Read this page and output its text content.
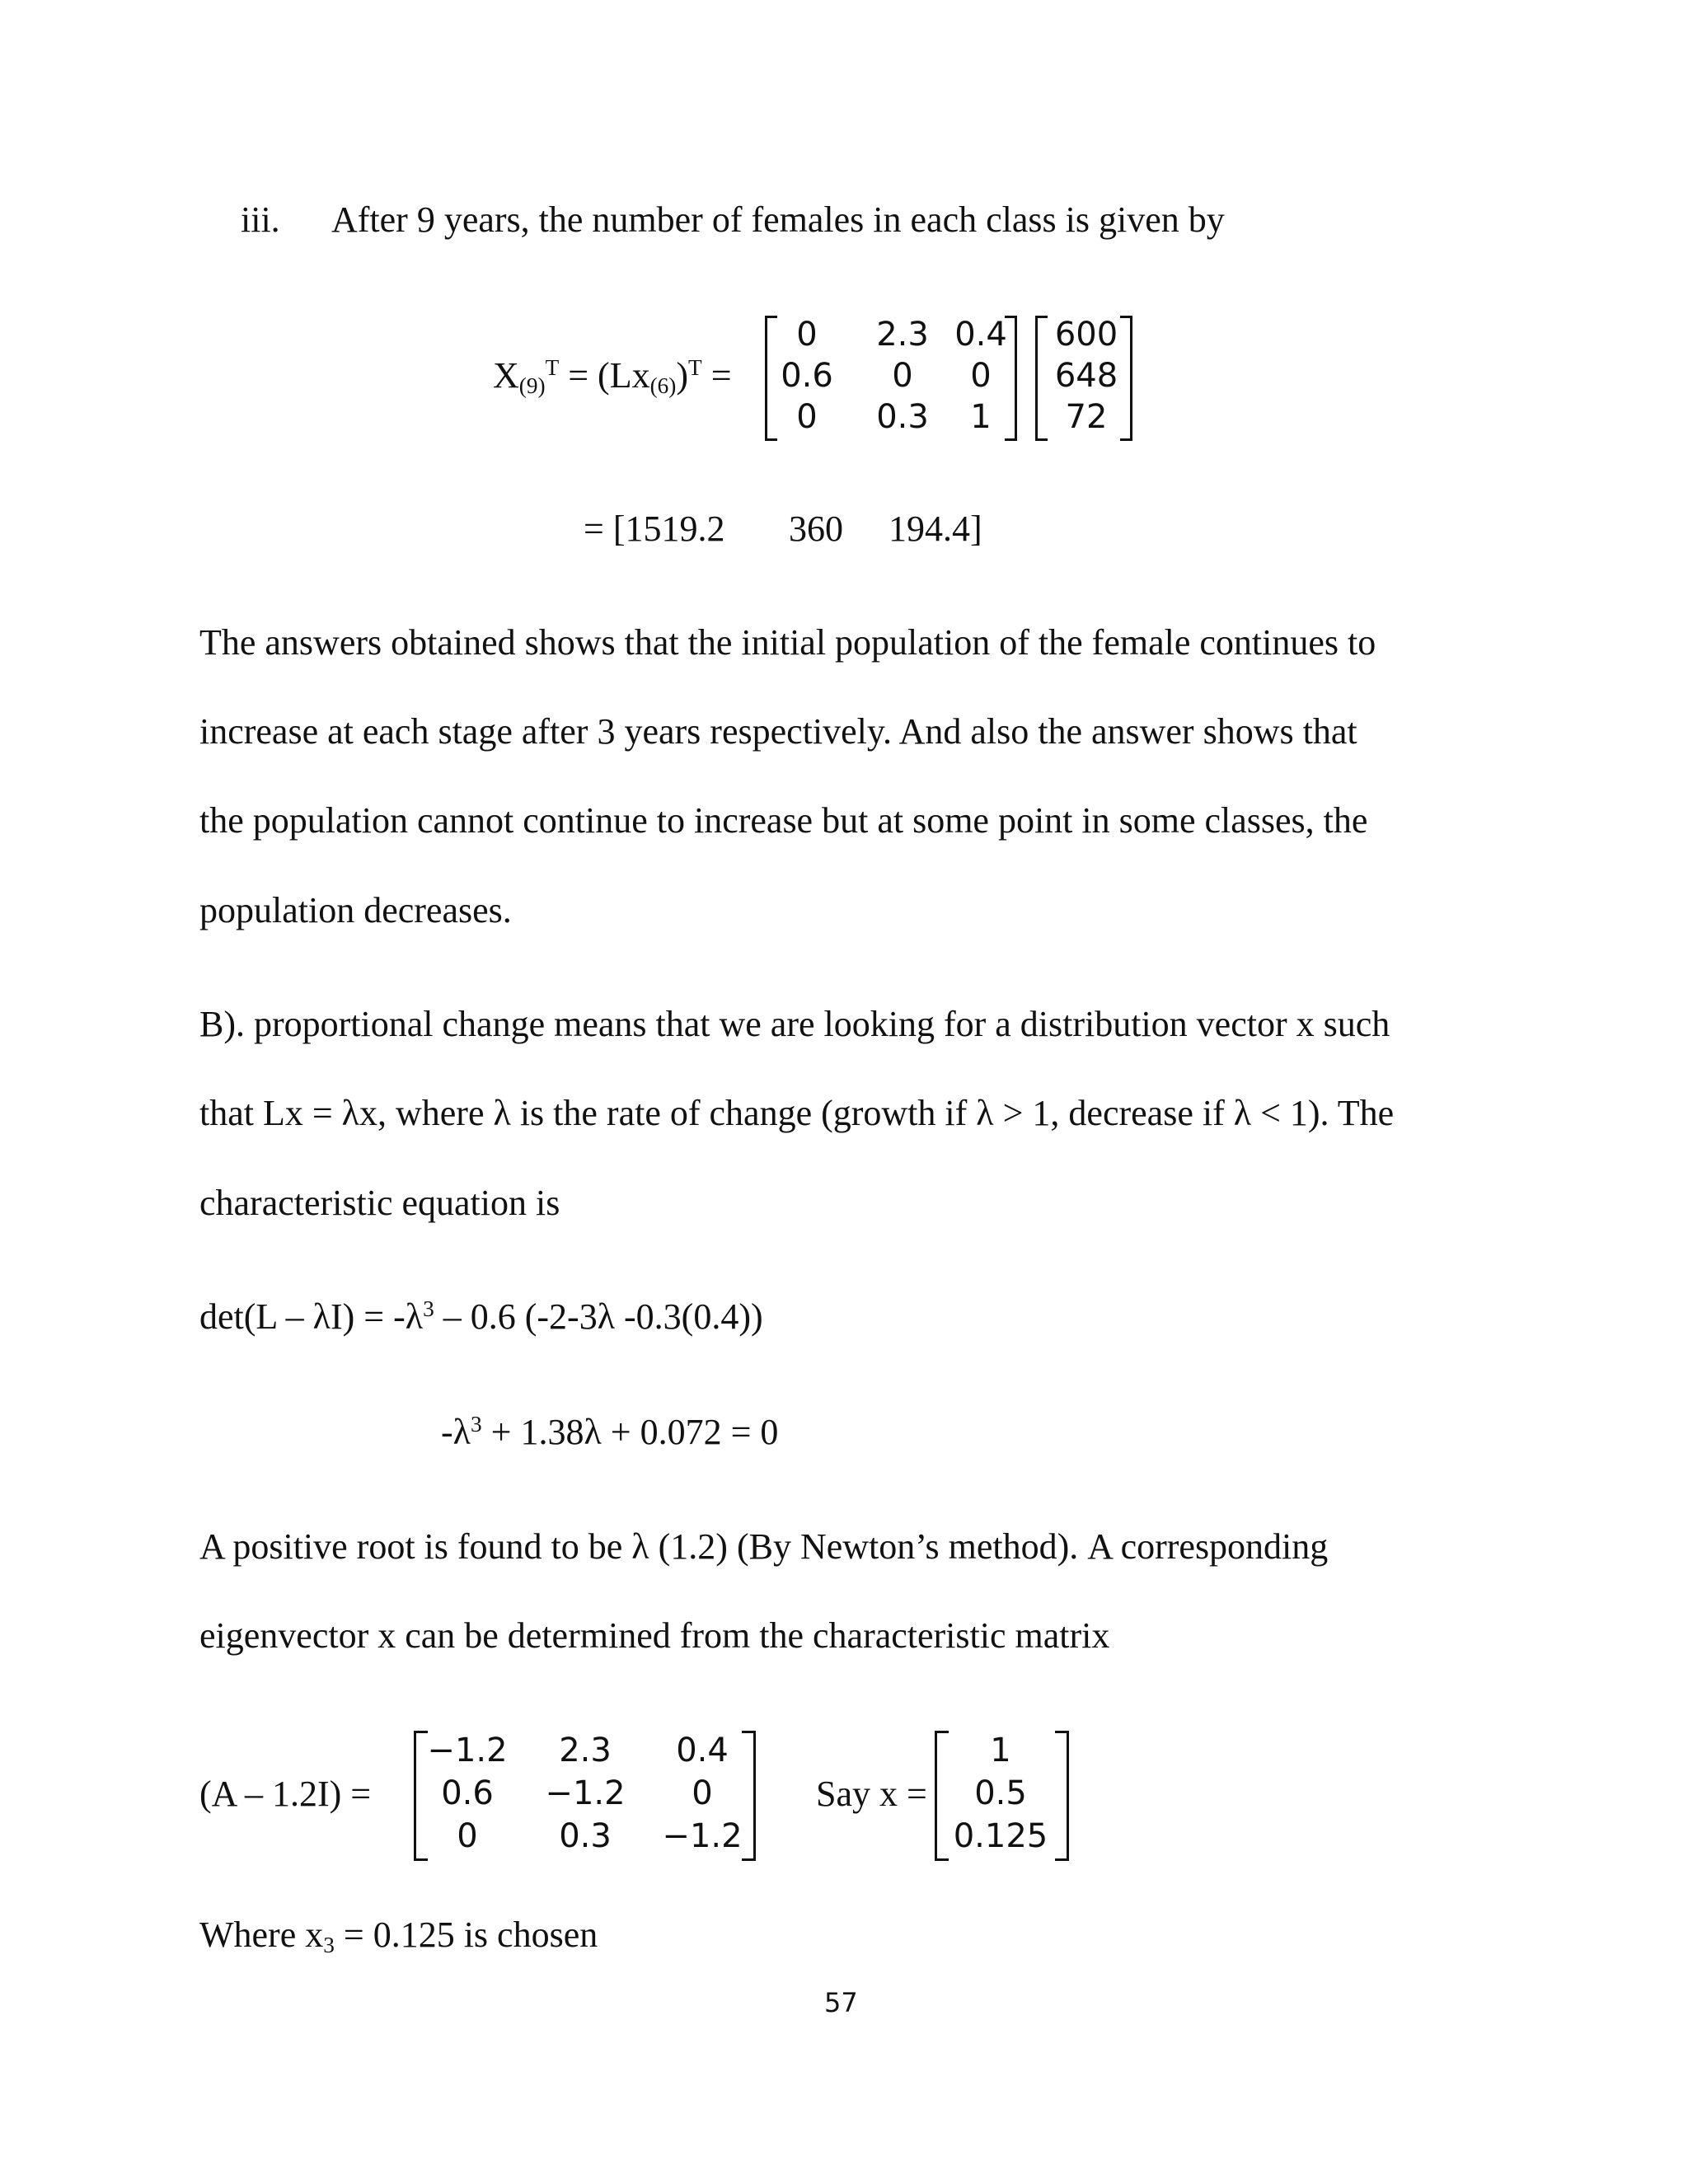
iii. After 9 years, the number of females in each class is given by
$X_{(9)}^T = (Lx_{(6)})^T$ =
0	2.3 0.4
0.6	0	0
0	0.3	1
600
648
72
= [1519.2 360 194.4]
The answers obtained shows that the initial population of the female continues to
increase at each stage after 3 years respectively. And also the answer shows that
the population cannot continue to increase but at some point in some classes, the
population decreases.
B). proportional change means that we are looking for a distribution vector x such
that Lx = λx, where λ is the rate of change (growth if λ > 1, decrease if λ < 1). The
characteristic equation is
$\det(L - \lambda I) = -\lambda^3 - 0.6$ (-2-3λ -0.3(0.4))
$-\lambda^3 + 1.38\lambda + 0.072 = 0$
A positive root is found to be λ (1.2) (By Newton’s method). A corresponding
eigenvector x can be determined from the characteristic matrix
(A – 1.2I) =
−1.2	2.3	0.4
0.6	−1.2	0
0	0.3	−1.2
Say x =
1
0.5
0.125
Where $x_3 = 0.125$ is chosen
57
